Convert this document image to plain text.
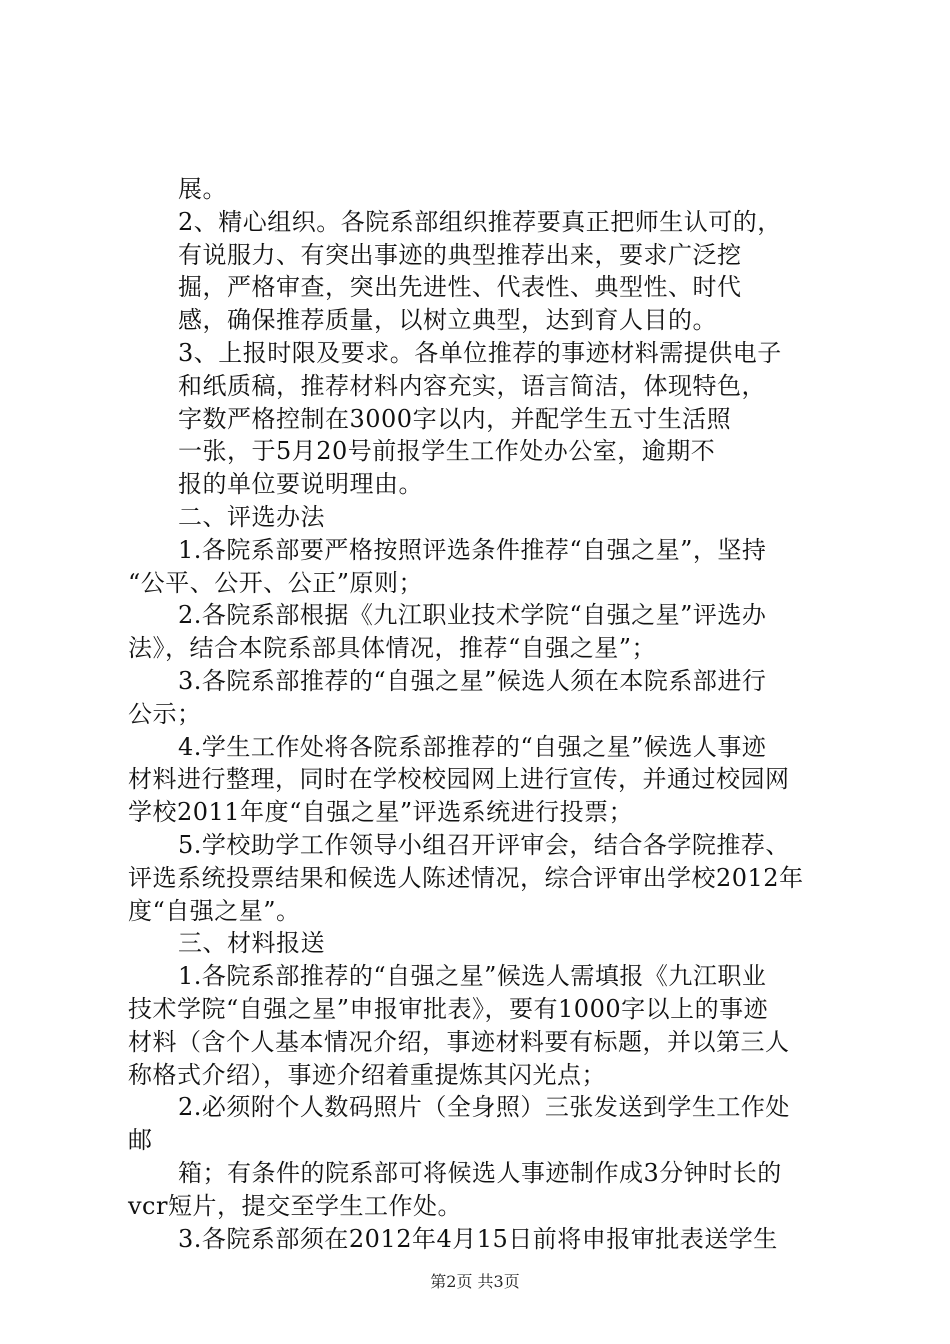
展。
2、精心组织。各院系部组织推荐要真正把师生认可的，
有说服力、有突出事迹的典型推荐出来，要求广泛挖
掘，严格审查，突出先进性、代表性、典型性、时代
感，确保推荐质量，以树立典型，达到育人目的。
3、上报时限及要求。各单位推荐的事迹材料需提供电子
和纸质稿，推荐材料内容充实，语言简洁，体现特色，
字数严格控制在3000字以内，并配学生五寸生活照
一张，于5月20号前报学生工作处办公室，逾期不
报的单位要说明理由。
二、评选办法
1.各院系部要严格按照评选条件推荐“自强之星”，坚持
“公平、公开、公正”原则；
2.各院系部根据《九江职业技术学院“自强之星”评选办
法》，结合本院系部具体情况，推荐“自强之星”；
3.各院系部推荐的“自强之星”候选人须在本院系部进行
公示；
4.学生工作处将各院系部推荐的“自强之星”候选人事迹
材料进行整理，同时在学校校园网上进行宣传，并通过校园网
学校2011年度“自强之星”评选系统进行投票；
5.学校助学工作领导小组召开评审会，结合各学院推荐、
评选系统投票结果和候选人陈述情况，综合评审出学校2012年
度“自强之星”。
三、材料报送
1.各院系部推荐的“自强之星”候选人需填报《九江职业
技术学院“自强之星”申报审批表》，要有1000字以上的事迹
材料（含个人基本情况介绍，事迹材料要有标题，并以第三人
称格式介绍），事迹介绍着重提炼其闪光点；
2.必须附个人数码照片（全身照）三张发送到学生工作处
邮
箱；有条件的院系部可将候选人事迹制作成3分钟时长的
vcr短片，提交至学生工作处。
3.各院系部须在2012年4月15日前将申报审批表送学生
第2页 共3页
